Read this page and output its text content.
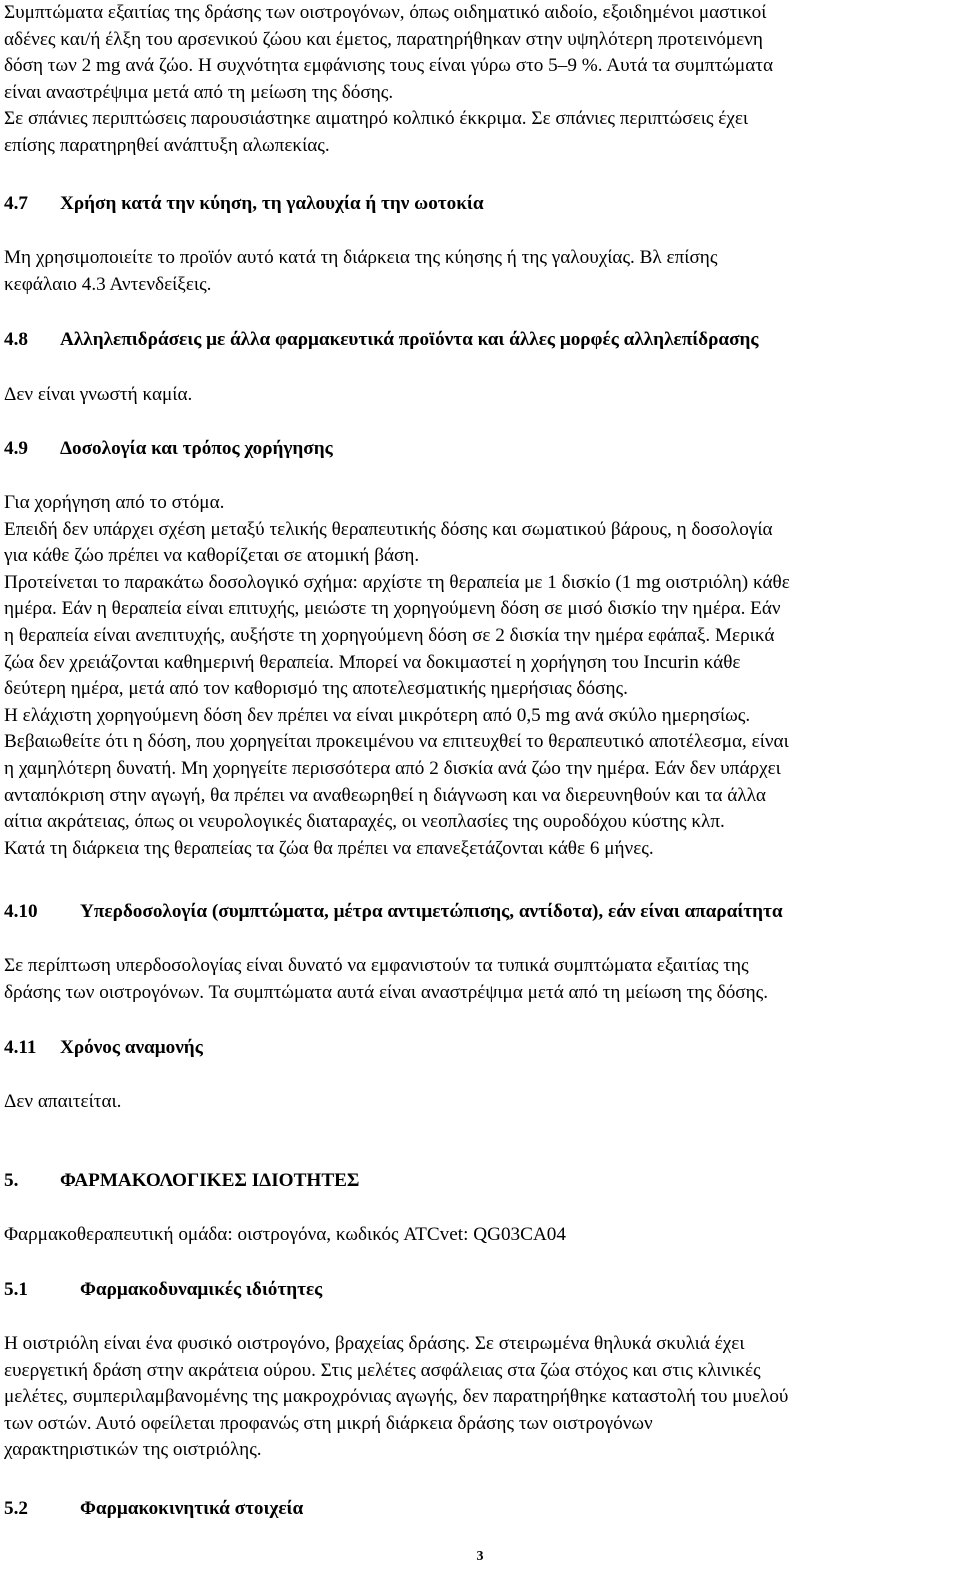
Συμπτώματα εξαιτίας της δράσης των οιστρογόνων, όπως οιδηματικό αιδοίο, εξοιδημένοι μαστικοί
αδένες και/ή έλξη του αρσενικού ζώου και έμετος, παρατηρήθηκαν στην υψηλότερη προτεινόμενη
δόση των 2 mg ανά ζώο. Η συχνότητα εμφάνισης τους είναι γύρω στο 5–9 %. Αυτά τα συμπτώματα
είναι αναστρέψιμα μετά από τη μείωση της δόσης.
Σε σπάνιες περιπτώσεις παρουσιάστηκε αιματηρό κολπικό έκκριμα. Σε σπάνιες περιπτώσεις έχει
επίσης παρατηρηθεί ανάπτυξη αλωπεκίας.
4.7 Χρήση κατά την κύηση, τη γαλουχία ή την ωοτοκία
Μη χρησιμοποιείτε το προϊόν αυτό κατά τη διάρκεια της κύησης ή της γαλουχίας. Βλ επίσης
κεφάλαιο 4.3 Αντενδείξεις.
4.8 Αλληλεπιδράσεις με άλλα φαρμακευτικά προϊόντα και άλλες μορφές αλληλεπίδρασης
Δεν είναι γνωστή καμία.
4.9 Δοσολογία και τρόπος χορήγησης
Για χορήγηση από το στόμα.
Επειδή δεν υπάρχει σχέση μεταξύ τελικής θεραπευτικής δόσης και σωματικού βάρους, η δοσολογία
για κάθε ζώο πρέπει να καθορίζεται σε ατομική βάση.
Προτείνεται το παρακάτω δοσολογικό σχήμα: αρχίστε τη θεραπεία με 1 δισκίο (1 mg οιστριόλη) κάθε
ημέρα. Εάν η θεραπεία είναι επιτυχής, μειώστε τη χορηγούμενη δόση σε μισό δισκίο την ημέρα. Εάν
η θεραπεία είναι ανεπιτυχής, αυξήστε τη χορηγούμενη δόση σε 2 δισκία την ημέρα εφάπαξ. Μερικά
ζώα δεν χρειάζονται καθημερινή θεραπεία. Μπορεί να δοκιμαστεί η χορήγηση του Incurin κάθε
δεύτερη ημέρα, μετά από τον καθορισμό της αποτελεσματικής ημερήσιας δόσης.
Η ελάχιστη χορηγούμενη δόση δεν πρέπει να είναι μικρότερη από 0,5 mg ανά σκύλο ημερησίως.
Βεβαιωθείτε ότι η δόση, που χορηγείται προκειμένου να επιτευχθεί το θεραπευτικό αποτέλεσμα, είναι
η χαμηλότερη δυνατή. Μη χορηγείτε περισσότερα από 2 δισκία ανά ζώο την ημέρα. Εάν δεν υπάρχει
ανταπόκριση στην αγωγή, θα πρέπει να αναθεωρηθεί η διάγνωση και να διερευνηθούν και τα άλλα
αίτια ακράτειας, όπως οι νευρολογικές διαταραχές, οι νεοπλασίες της ουροδόχου κύστης κλπ.
Κατά τη διάρκεια της θεραπείας τα ζώα θα πρέπει να επανεξετάζονται κάθε 6 μήνες.
4.10 Υπερδοσολογία (συμπτώματα, μέτρα αντιμετώπισης, αντίδοτα), εάν είναι απαραίτητα
Σε περίπτωση υπερδοσολογίας είναι δυνατό να εμφανιστούν τα τυπικά συμπτώματα εξαιτίας της
δράσης των οιστρογόνων. Τα συμπτώματα αυτά είναι αναστρέψιμα μετά από τη μείωση της δόσης.
4.11 Χρόνος αναμονής
Δεν απαιτείται.
5. ΦΑΡΜΑΚΟΛΟΓΙΚΕΣ ΙΔΙΟΤΗΤΕΣ
Φαρμακοθεραπευτική ομάδα: οιστρογόνα, κωδικός ATCvet: QG03CA04
5.1	Φαρμακοδυναμικές ιδιότητες
Η οιστριόλη είναι ένα φυσικό οιστρογόνο, βραχείας δράσης. Σε στειρωμένα θηλυκά σκυλιά έχει
ευεργετική δράση στην ακράτεια ούρου. Στις μελέτες ασφάλειας στα ζώα στόχος και στις κλινικές
μελέτες, συμπεριλαμβανομένης της μακροχρόνιας αγωγής, δεν παρατηρήθηκε καταστολή του μυελού
των οστών. Αυτό οφείλεται προφανώς στη μικρή διάρκεια δράσης των οιστρογόνων
χαρακτηριστικών της οιστριόλης.
5.2	Φαρμακοκινητικά στοιχεία
3
